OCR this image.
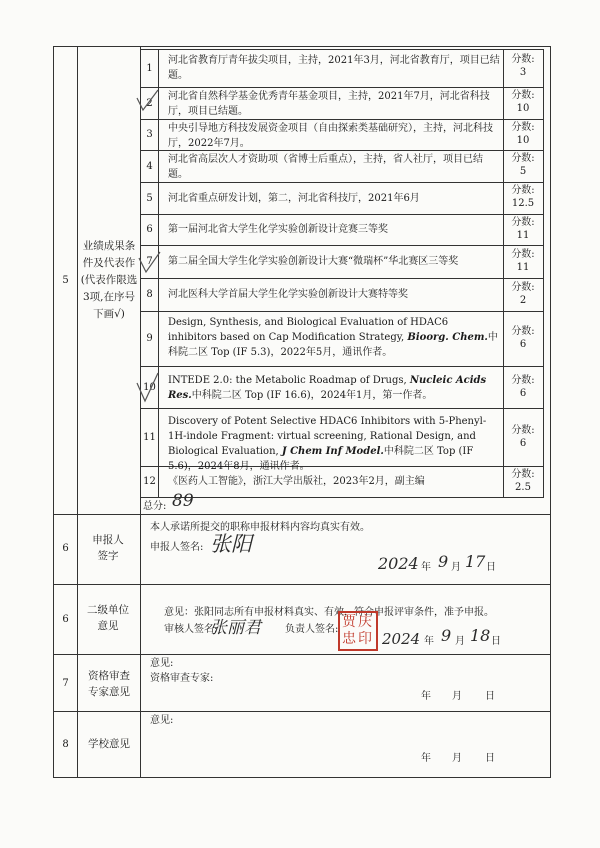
5
业绩成果条件及代表作(代表作限选3项,在序号下画√)
1
2
3
4
5
6
7
8
9
10
11
12
河北省教育厅青年拔尖项目，主持，2021年3月，河北省教育厅，项目已结题。
河北省自然科学基金优秀青年基金项目，主持，2021年7月，河北省科技厅，项目已结题。
中央引导地方科技发展资金项目（自由探索类基础研究），主持，河北科技厅，2022年7月。
河北省高层次人才资助项（省博士后重点），主持，省人社厅，项目已结题。
河北省重点研发计划，第二，河北省科技厅，2021年6月
第一届河北省大学生化学实验创新设计竞赛三等奖
第二届全国大学生化学实验创新设计大赛“微瑞杯”华北赛区三等奖
河北医科大学首届大学生化学实验创新设计大赛特等奖
Design, Synthesis, and Biological Evaluation of HDAC6 inhibitors based on Cap Modification Strategy, Bioorg. Chem.中科院二区 Top (IF 5.3)，2022年5月，通讯作者。
INTEDE 2.0: the Metabolic Roadmap of Drugs, Nucleic Acids Res.中科院二区 Top (IF 16.6)，2024年1月，第一作者。
Discovery of Potent Selective HDAC6 Inhibitors with 5-Phenyl-1H-indole Fragment: virtual screening, Rational Design, and Biological Evaluation, J Chem Inf Model.中科院二区 Top (IF 5.6)，2024年8月，通讯作者。
《医药人工智能》，浙江大学出版社，2023年2月，副主编
分数:
3
分数:
10
分数:
10
分数:
5
分数:
12.5
分数:
11
分数:
11
分数:
2
分数:
6
分数:
6
分数:
6
分数:
2.5
总分: 89
6
申报人签字
本人承诺所提交的职称申报材料内容均真实有效。
申报人签名: 张阳
2024 年 9 月 17 日
6
二级单位意见
意见：张阳同志所有申报材料真实、有效，符合申报评审条件，准予申报。
审核人签名:
张丽君 负责人签名: 贾庆忠印 2024 年 9 月 18 日
7
资格审查专家意见
意见:
资格审查专家:
年 月 日
8	学校意见
意见:
年 月 日
